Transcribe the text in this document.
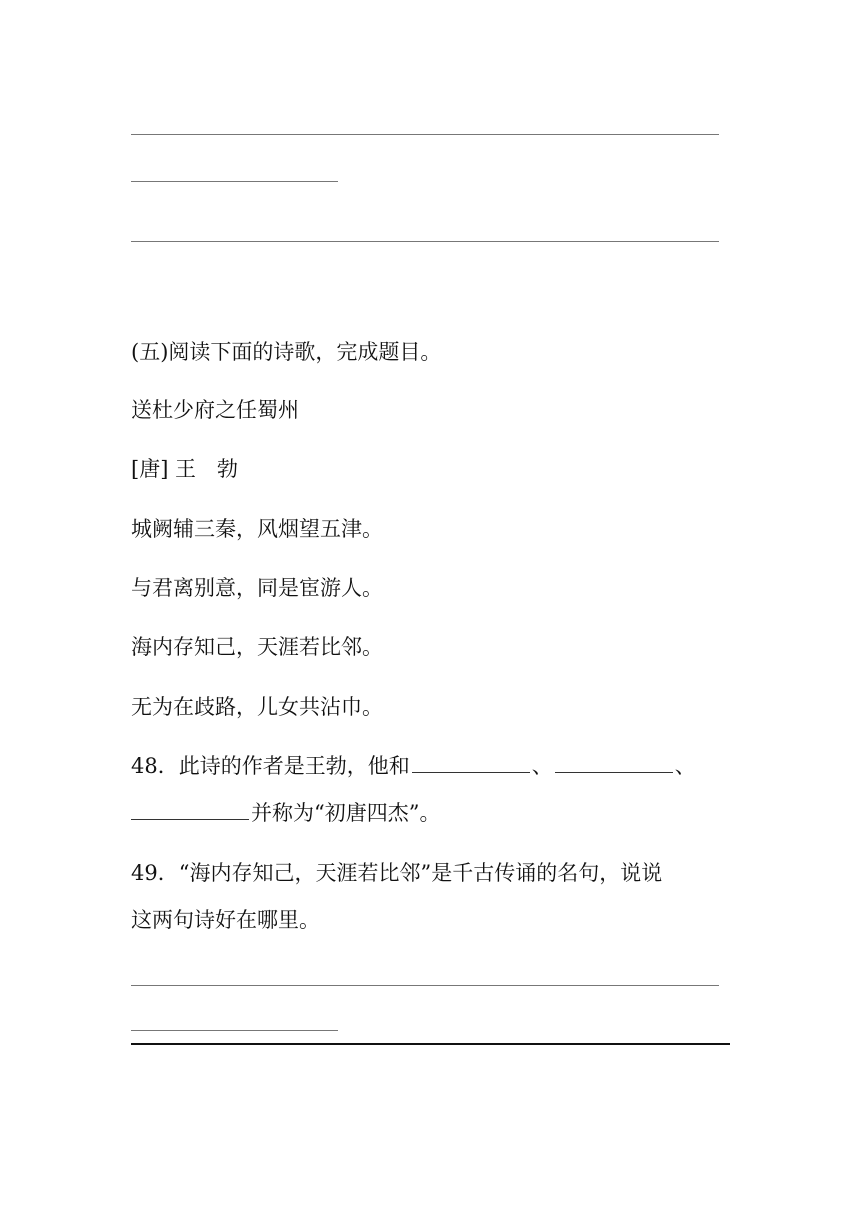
(五)阅读下面的诗歌，完成题目。
送杜少府之任蜀州
[唐] 王　勃
城阙辅三秦，风烟望五津。
与君离别意，同是宦游人。
海内存知己，天涯若比邻。
无为在歧路，儿女共沾巾。
48．此诗的作者是王勃，他和	、	、
并称为“初唐四杰”。
49．“海内存知己，天涯若比邻”是千古传诵的名句，说说
这两句诗好在哪里。
